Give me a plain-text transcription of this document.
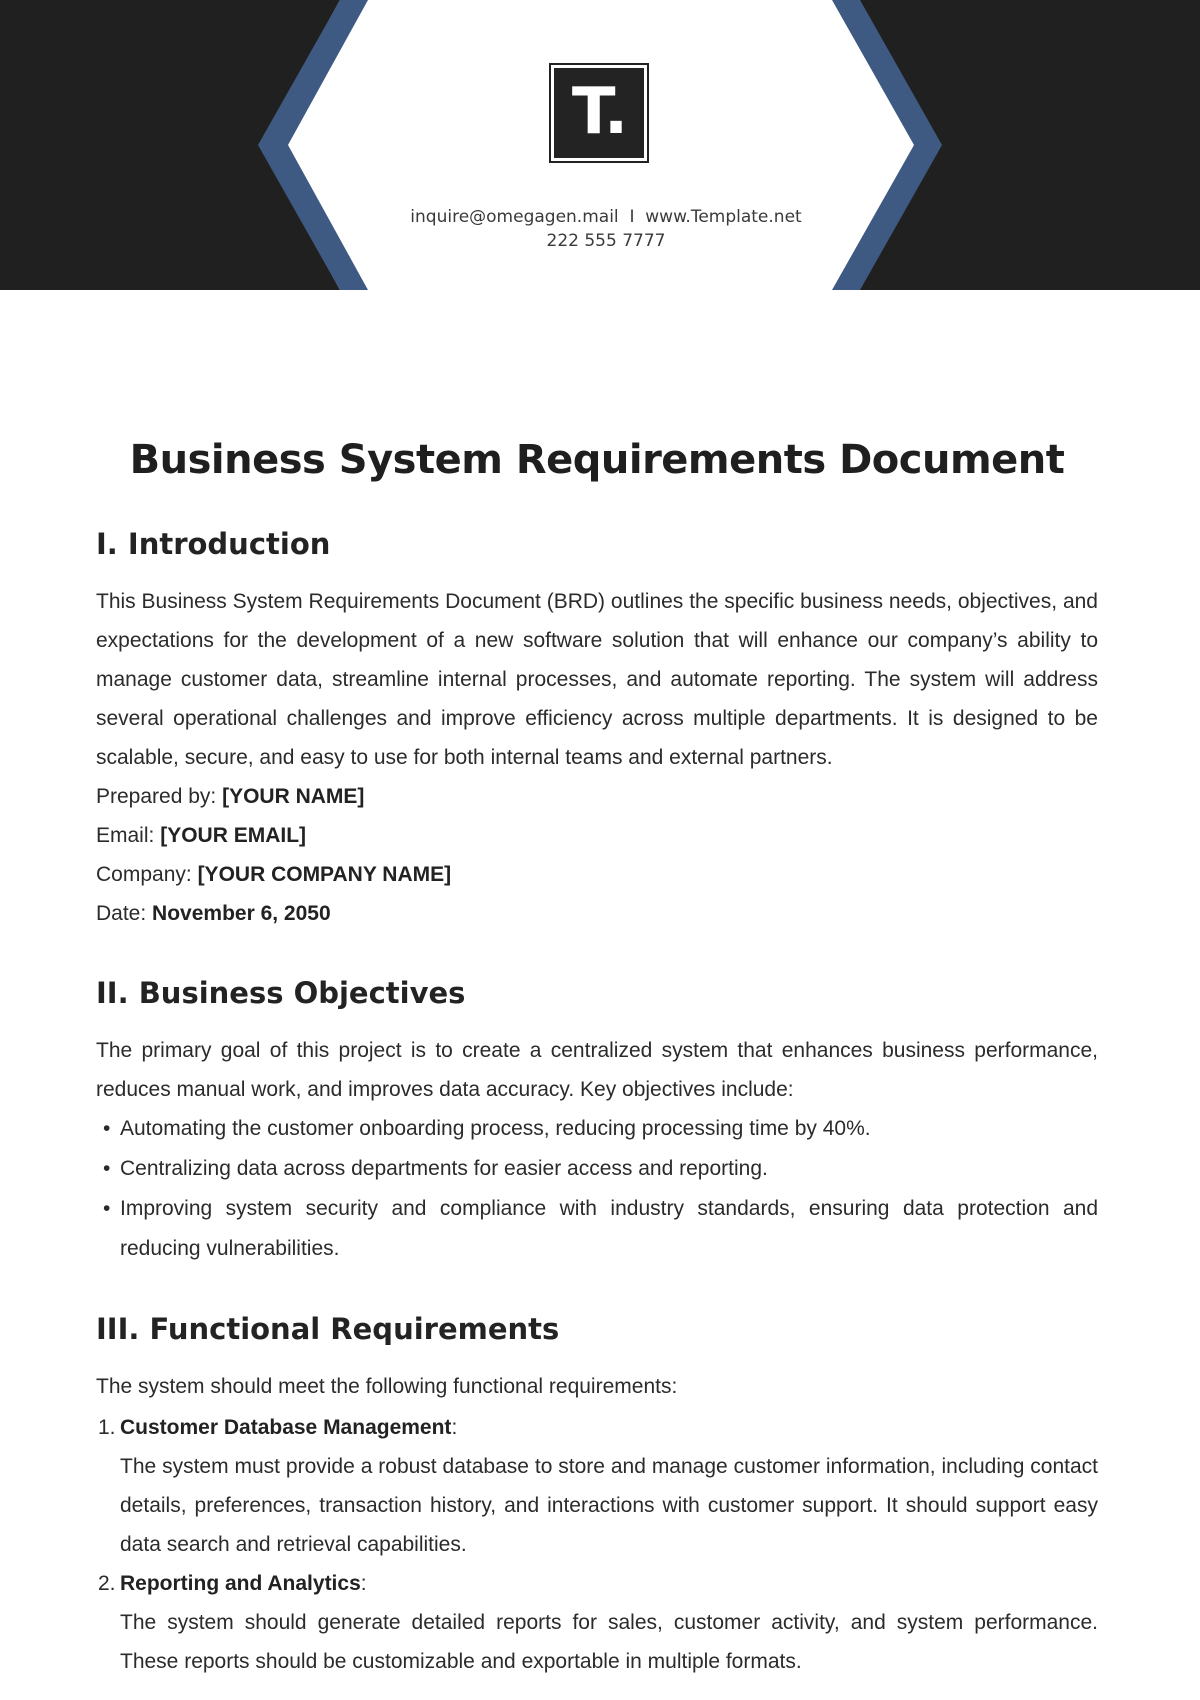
T.
inquire@omegagen.mail  I  www.Template.net
222 555 7777
Business System Requirements Document
I. Introduction

This Business System Requirements Document (BRD) outlines the specific business needs, objectives, and expectations for the development of a new software solution that will enhance our company’s ability to manage customer data, streamline internal processes, and automate reporting. The system will address several operational challenges and improve efficiency across multiple departments. It is designed to be scalable, secure, and easy to use for both internal teams and external partners.

Prepared by: [YOUR NAME]
Email: [YOUR EMAIL]
Company: [YOUR COMPANY NAME]
Date: November 6, 2050
II. Business Objectives

The primary goal of this project is to create a centralized system that enhances business performance, reduces manual work, and improves data accuracy. Key objectives include:

• Automating the customer onboarding process, reducing processing time by 40%.
• Centralizing data across departments for easier access and reporting.
• Improving system security and compliance with industry standards, ensuring data protection and reducing vulnerabilities.
III. Functional Requirements

The system should meet the following functional requirements:

1. Customer Database Management:
The system must provide a robust database to store and manage customer information, including contact details, preferences, transaction history, and interactions with customer support. It should support easy data search and retrieval capabilities.
2. Reporting and Analytics:
The system should generate detailed reports for sales, customer activity, and system performance. These reports should be customizable and exportable in multiple formats.
